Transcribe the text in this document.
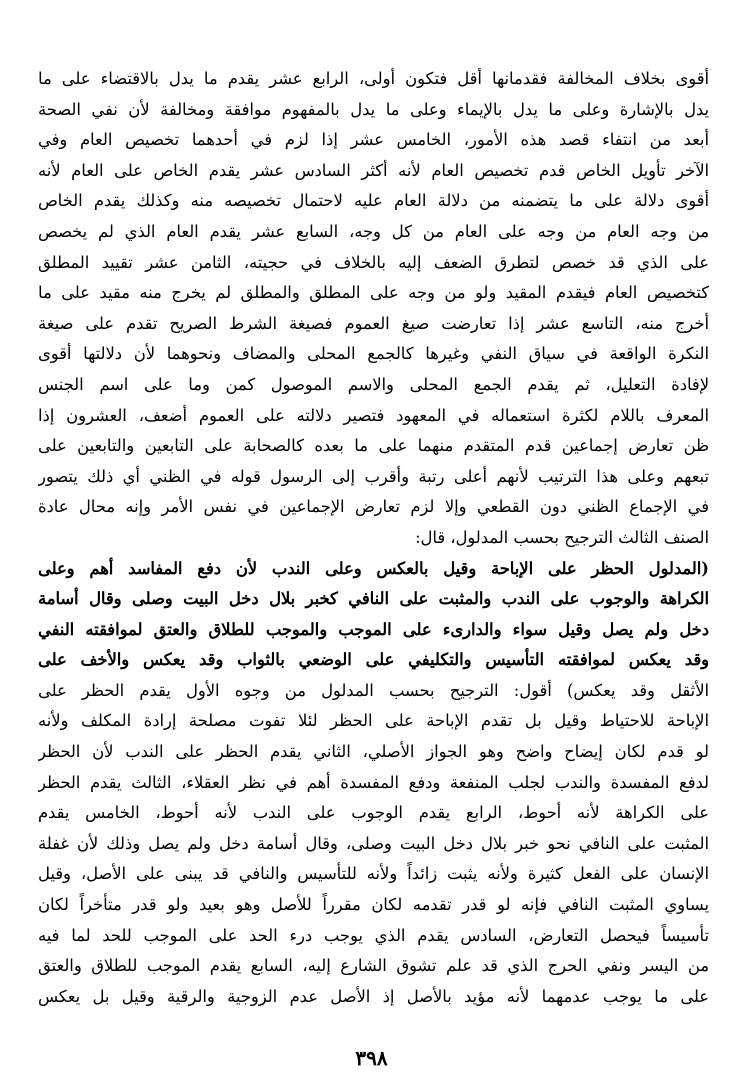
أقوى بخلاف المخالفة فقدمانها أقل فتكون أولى، الرابع عشر يقدم ما يدل بالاقتضاء على ما
يدل بالإشارة وعلى ما يدل بالإيماء وعلى ما يدل بالمفهوم موافقة ومخالفة لأن نفي الصحة
أبعد من انتفاء قصد هذه الأمور، الخامس عشر إذا لزم في أحدهما تخصيص العام وفي
الآخر تأويل الخاص قدم تخصيص العام لأنه أكثر السادس عشر يقدم الخاص على العام لأنه
أقوى دلالة على ما يتضمنه من دلالة العام عليه لاحتمال تخصيصه منه وكذلك يقدم الخاص
من وجه العام من وجه على العام من كل وجه، السابع عشر يقدم العام الذي لم يخصص
على الذي قد خصص لتطرق الضعف إليه بالخلاف في حجيته، الثامن عشر تقييد المطلق
كتخصيص العام فيقدم المقيد ولو من وجه على المطلق والمطلق لم يخرج منه مقيد على ما
أخرج منه، التاسع عشر إذا تعارضت صيغ العموم فصيغة الشرط الصريح تقدم على صيغة
النكرة الواقعة في سياق النفي وغيرها كالجمع المحلى والمضاف ونحوهما لأن دلالتها أقوى
لإفادة التعليل، ثم يقدم الجمع المحلى والاسم الموصول كمن وما على اسم الجنس
المعرف باللام لكثرة استعماله في المعهود فتصير دلالته على العموم أضعف، العشرون إذا
ظن تعارض إجماعين قدم المتقدم منهما على ما بعده كالصحابة على التابعين والتابعين على
تبعهم وعلى هذا الترتيب لأنهم أعلى رتبة وأقرب إلى الرسول قوله في الظني أي ذلك يتصور
في الإجماع الظني دون القطعي وإلا لزم تعارض الإجماعين في نفس الأمر وإنه محال عادة
الصنف الثالث الترجيح بحسب المدلول، قال:
(المدلول الحظر على الإباحة وقيل بالعكس وعلى الندب لأن دفع المفاسد أهم وعلى
الكراهة والوجوب على الندب والمثبت على النافي كخبر بلال دخل البيت وصلى وقال أسامة
دخل ولم يصل وقيل سواء والدارىء على الموجب والموجب للطلاق والعتق لموافقته النفي
وقد يعكس لموافقته التأسيس والتكليفي على الوضعي بالثواب وقد يعكس والأخف على
الأثقل وقد يعكس) أقول: الترجيح بحسب المدلول من وجوه الأول يقدم الحظر على
الإباحة للاحتياط وقيل بل تقدم الإباحة على الحظر لئلا تفوت مصلحة إرادة المكلف ولأنه
لو قدم لكان إيضاح واضح وهو الجواز الأصلي، الثاني يقدم الحظر على الندب لأن الحظر
لدفع المفسدة والندب لجلب المنفعة ودفع المفسدة أهم في نظر العقلاء، الثالث يقدم الحظر
على الكراهة لأنه أحوط، الرابع يقدم الوجوب على الندب لأنه أحوط، الخامس يقدم
المثبت على النافي نحو خبر بلال دخل البيت وصلى، وقال أسامة دخل ولم يصل وذلك لأن غفلة
الإنسان على الفعل كثيرة ولأنه يثبت زائداً ولأنه للتأسيس والنافي قد يبنى على الأصل، وقيل
يساوي المثبت النافي فإنه لو قدر تقدمه لكان مقرراً للأصل وهو بعيد ولو قدر متأخراً لكان
تأسيساً فيحصل التعارض، السادس يقدم الذي يوجب درء الحد على الموجب للحد لما فيه
من اليسر ونفي الحرج الذي قد علم تشوق الشارع إليه، السابع يقدم الموجب للطلاق والعتق
على ما يوجب عدمهما لأنه مؤيد بالأصل إذ الأصل عدم الزوجية والرقية وقيل بل يعكس
٣٩٨
